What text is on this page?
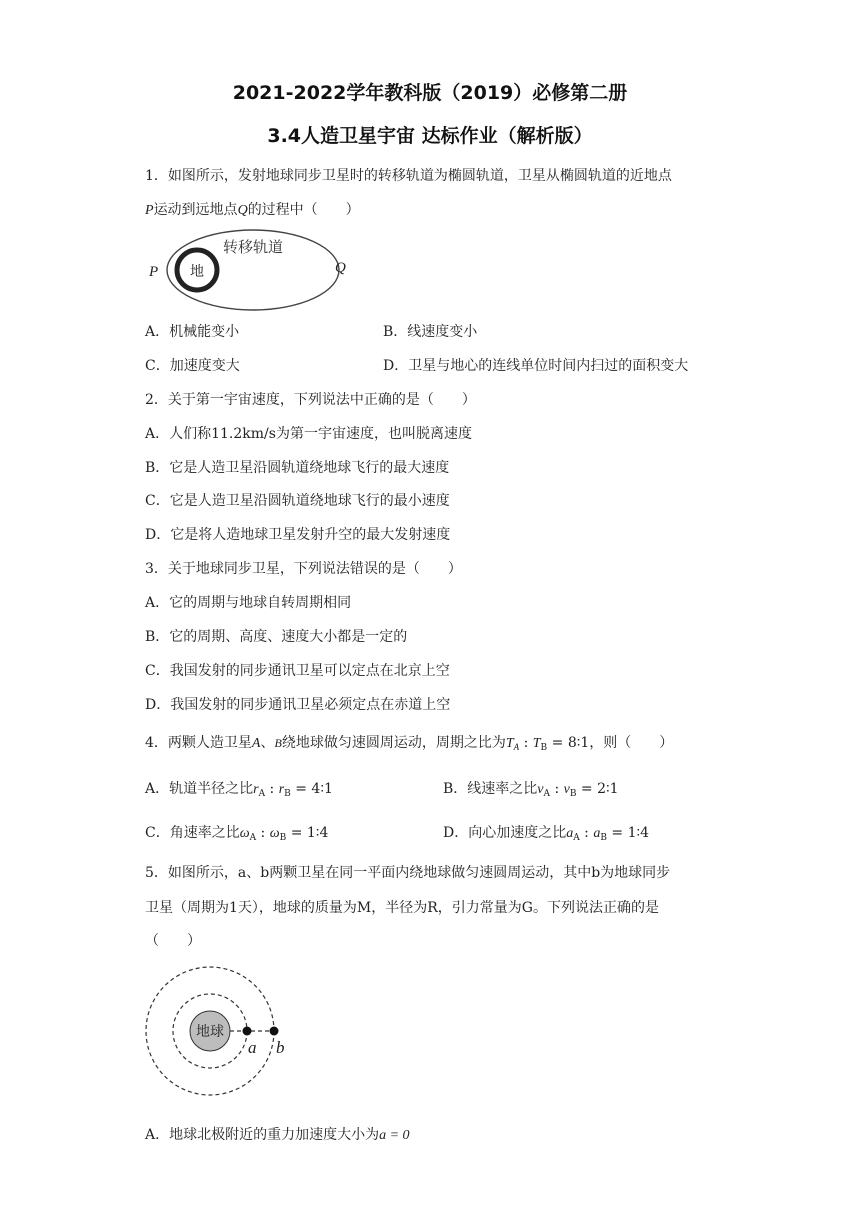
2021-2022学年教科版（2019）必修第二册
3.4人造卫星宇宙 达标作业（解析版）
1．如图所示，发射地球同步卫星时的转移轨道为椭圆轨道，卫星从椭圆轨道的近地点
P运动到远地点Q的过程中（　　）
地
转移轨道
P	Q
A．机械能变小	B．线速度变小
C．加速度变大	D．卫星与地心的连线单位时间内扫过的面积变大
2．关于第一宇宙速度，下列说法中正确的是（　　）
A．人们称11.2km/s为第一宇宙速度，也叫脱离速度
B．它是人造卫星沿圆轨道绕地球飞行的最大速度
C．它是人造卫星沿圆轨道绕地球飞行的最小速度
D．它是将人造地球卫星发射升空的最大发射速度
3．关于地球同步卫星，下列说法错误的是（　　）
A．它的周期与地球自转周期相同
B．它的周期、高度、速度大小都是一定的
C．我国发射的同步通讯卫星可以定点在北京上空
D．我国发射的同步通讯卫星必须定点在赤道上空
4．两颗人造卫星A、B绕地球做匀速圆周运动，周期之比为$T_A$ : $T_B$ = 8∶1，则（　　）
A．轨道半径之比$r_A$ : $r_B$ = 4∶1	B．线速率之比$v_A$ : $v_B$ = 2∶1
C．角速率之比$\omega_A$ : $\omega_B$ = 1∶4	D．向心加速度之比$a_A$ : $a_B$ = 1∶4
5．如图所示，a、b两颗卫星在同一平面内绕地球做匀速圆周运动，其中b为地球同步
卫星（周期为1天），地球的质量为M，半径为R，引力常量为G。下列说法正确的是
（　　）
地球
a b
A．地球北极附近的重力加速度大小为a = 0
